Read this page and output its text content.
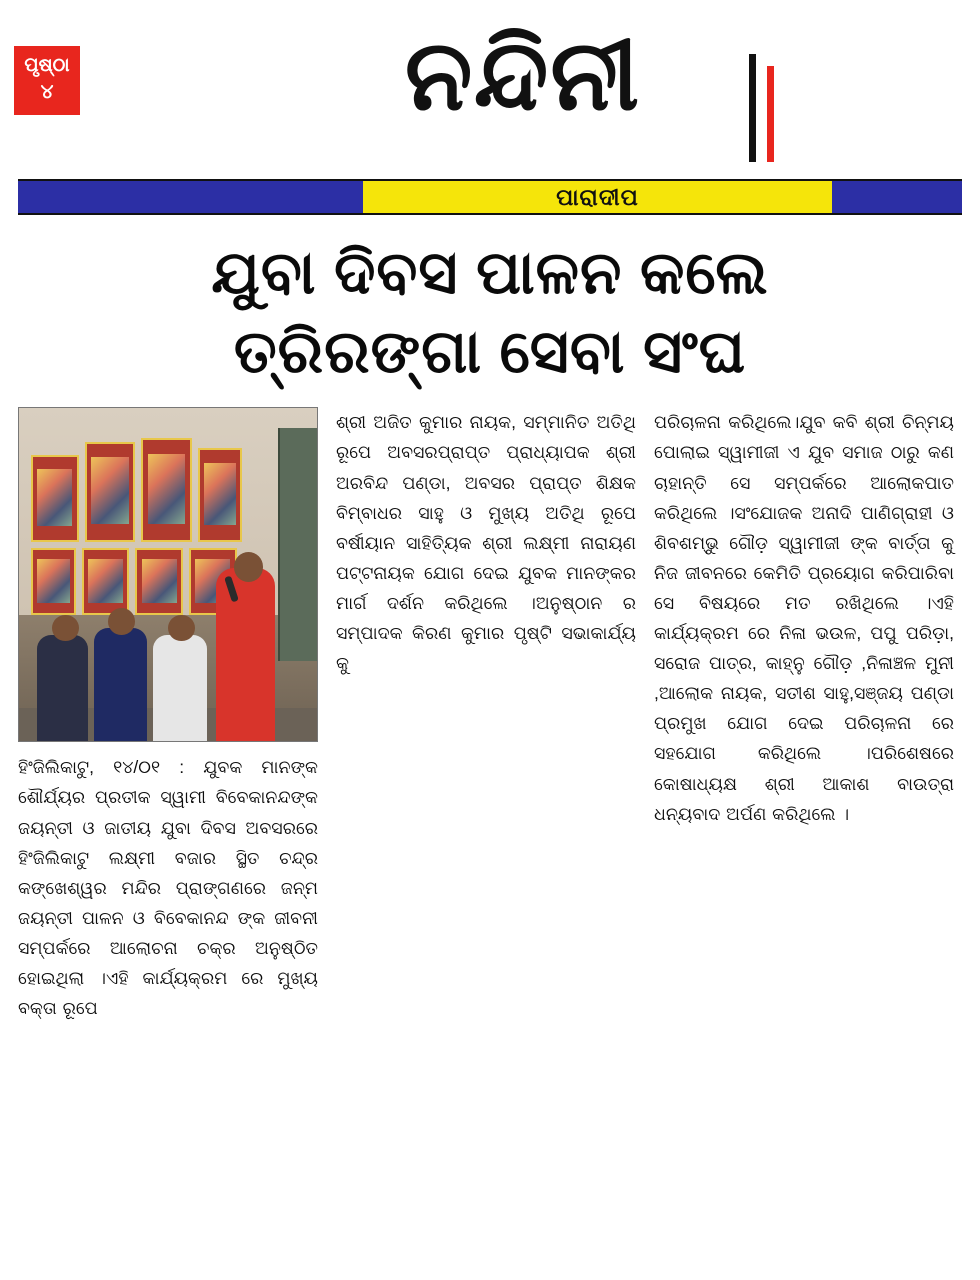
ପୃଷ୍ଠା
୪	ନନ୍ଦିନୀ
ପାରାଦୀପ
ଯୁବା ଦିବସ ପାଳନ କଲେ
ତ୍ରିରଙ୍ଗା ସେବା ସଂଘ

ହିଂଜିଲିକାଟୁ, ୧୪/୦୧ : ଯୁବକ ମାନଙ୍କ ଶୌର୍ଯ୍ୟର ପ୍ରତୀକ ସ୍ୱାମୀ ବିବେକାନନ୍ଦଙ୍କ ଜୟନ୍ତୀ ଓ ଜାତୀୟ ଯୁବା ଦିବସ ଅବସରରେ ହିଂଜିଲିକାଟୁ ଲକ୍ଷ୍ମୀ ବଜାର ସ୍ଥିତ ଚନ୍ଦ୍ର କଙ୍ଖେଶ୍ୱର ମନ୍ଦିର ପ୍ରାଙ୍ଗଣରେ ଜନ୍ମ ଜୟନ୍ତୀ ପାଳନ ଓ ବିବେକାନନ୍ଦ ଙ୍କ ଜୀବନୀ ସମ୍ପର୍କରେ ଆଲୋଚନା ଚକ୍ର ଅନୁଷ୍ଠିତ ହୋଇଥିଲା ।ଏହି କାର୍ଯ୍ୟକ୍ରମ ରେ ମୁଖ୍ୟ ବକ୍ତା ରୂପେ

ଶ୍ରୀ ଅଜିତ କୁମାର ନାୟକ, ସମ୍ମାନିତ ଅତିଥି ରୂପେ ଅବସରପ୍ରାପ୍ତ ପ୍ରାଧ୍ୟାପକ ଶ୍ରୀ ଅରବିନ୍ଦ ପଣ୍ଡା, ଅବସର ପ୍ରାପ୍ତ ଶିକ୍ଷକ ବିମ୍ବାଧର ସାହୁ ଓ ମୁଖ୍ୟ ଅତିଥି ରୂପେ ବର୍ଷୀୟାନ ସାହିତ୍ୟିକ ଶ୍ରୀ ଲକ୍ଷ୍ମୀ ନାରାୟଣ ପଟ୍ଟନାୟକ ଯୋଗ ଦେଇ ଯୁବକ ମାନଙ୍କର ମାର୍ଗ ଦର୍ଶନ କରିଥିଲେ ।ଅନୁଷ୍ଠାନ ର ସମ୍ପାଦକ କିରଣ କୁମାର ପୃଷ୍ଟି ସଭାକାର୍ଯ୍ୟ କୁ

ପରିଚାଳନା କରିଥିଲେ।ଯୁବ କବି ଶ୍ରୀ ଚିନ୍ମୟ ପୋଲାଇ ସ୍ୱାମୀଜୀ ଏ ଯୁବ ସମାଜ ଠାରୁ କଣ ଚାହାନ୍ତି ସେ ସମ୍ପର୍କରେ ଆଲୋକପାତ କରିଥିଲେ ।ସଂଯୋଜକ ଅନାଦି ପାଣିଗ୍ରାହୀ ଓ ଶିବଶମ୍ଭୁ ଗୌଡ଼ ସ୍ୱାମୀଜୀ ଙ୍କ ବାର୍ତ୍ତା କୁ ନିଜ ଜୀବନରେ କେମିତି ପ୍ରୟୋଗ କରିପାରିବା ସେ ବିଷୟରେ ମତ ରଖିଥିଲେ ।ଏହି କାର୍ଯ୍ୟକ୍ରମ ରେ ନିଳା ଭଉଳ, ପପୁ ପରିଡ଼ା, ସରୋଜ ପାତ୍ର, କାହ୍ନୁ ଗୌଡ଼ ,ନିଳାଞ୍ଚଳ ମୁନୀ ,ଆଲୋକ ନାୟକ, ସତୀଶ ସାହୁ,ସଞ୍ଜୟ ପଣ୍ଡା ପ୍ରମୁଖ ଯୋଗ ଦେଇ ପରିଚାଳନା ରେ ସହଯୋଗ କରିଥିଲେ ।ପରିଶେଷରେ କୋଷାଧ୍ୟକ୍ଷ ଶ୍ରୀ ଆକାଶ ବାଉତ୍ରା ଧନ୍ୟବାଦ ଅର୍ପଣ କରିଥିଲେ ।
